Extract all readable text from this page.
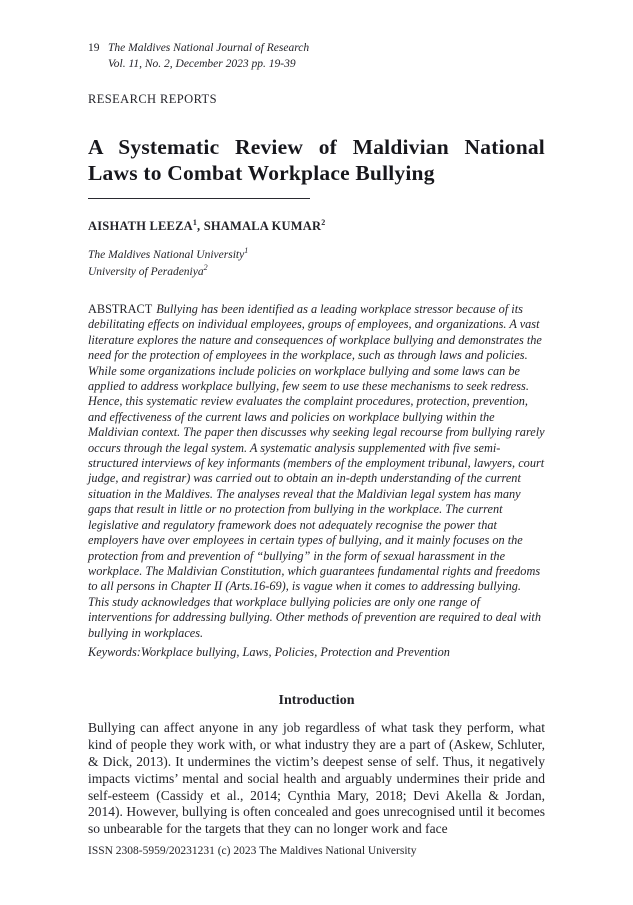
19 The Maldives National Journal of Research
Vol. 11, No. 2, December 2023 pp. 19-39
RESEARCH REPORTS
A Systematic Review of Maldivian National Laws to Combat Workplace Bullying
AISHATH LEEZA$^1$, SHAMALA KUMAR$^2$
The Maldives National University$^1$
University of Peradeniya$^2$

ABSTRACT Bullying has been identified as a leading workplace stressor because of its debilitating effects on individual employees, groups of employees, and organizations. A vast literature explores the nature and consequences of workplace bullying and demonstrates the need for the protection of employees in the workplace, such as through laws and policies. While some organizations include policies on workplace bullying and some laws can be applied to address workplace bullying, few seem to use these mechanisms to seek redress. Hence, this systematic review evaluates the complaint procedures, protection, prevention, and effectiveness of the current laws and policies on workplace bullying within the Maldivian context. The paper then discusses why seeking legal recourse from bullying rarely occurs through the legal system. A systematic analysis supplemented with five semi-structured interviews of key informants (members of the employment tribunal, lawyers, court judge, and registrar) was carried out to obtain an in-depth understanding of the current situation in the Maldives. The analyses reveal that the Maldivian legal system has many gaps that result in little or no protection from bullying in the workplace. The current legislative and regulatory framework does not adequately recognise the power that employers have over employees in certain types of bullying, and it mainly focuses on the protection from and prevention of “bullying” in the form of sexual harassment in the workplace. The Maldivian Constitution, which guarantees fundamental rights and freedoms to all persons in Chapter II (Arts.16-69), is vague when it comes to addressing bullying. This study acknowledges that workplace bullying policies are only one range of interventions for addressing bullying. Other methods of prevention are required to deal with bullying in workplaces.

Keywords:Workplace bullying, Laws, Policies, Protection and Prevention

Introduction

Bullying can affect anyone in any job regardless of what task they perform, what kind of people they work with, or what industry they are a part of (Askew, Schluter, & Dick, 2013). It undermines the victim’s deepest sense of self. Thus, it negatively impacts victims’ mental and social health and arguably undermines their pride and self-esteem (Cassidy et al., 2014; Cynthia Mary, 2018; Devi Akella & Jordan, 2014). However, bullying is often concealed and goes unrecognised until it becomes so unbearable for the targets that they can no longer work and face

ISSN 2308-5959/20231231 (c) 2023 The Maldives National University
